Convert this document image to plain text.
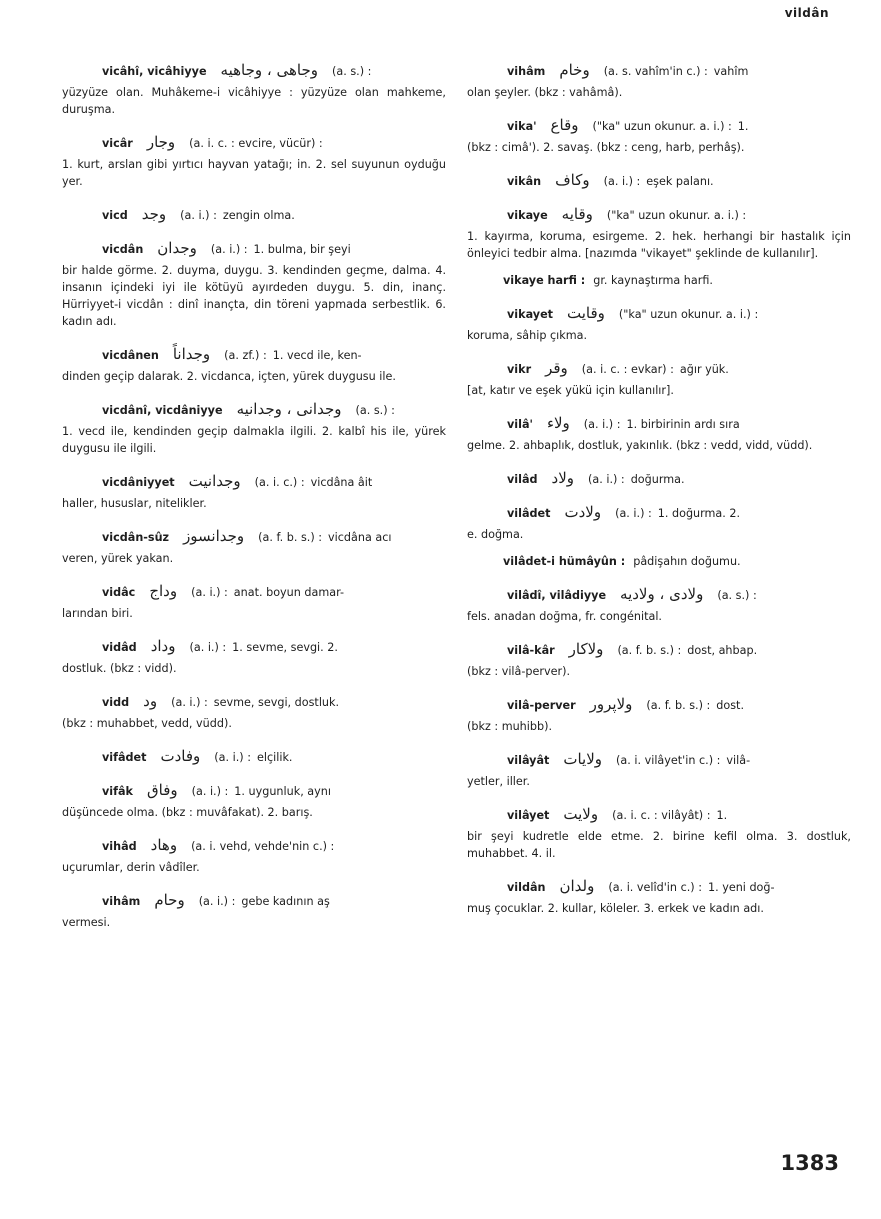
vildân
vicâhî, vicâhiyye وجاهى ، وجاهيه (a. s.) :
yüzyüze olan. Muhâkeme-i vicâhiyye : yüzyüze olan mahkeme, duruşma.
vicâr وجار (a. i. c. : evcire, vücür) :
1. kurt, arslan gibi yırtıcı hayvan yatağı; in. 2. sel suyunun oyduğu yer.
vicd وجد (a. i.) : zengin olma.
vicdân وجدان (a. i.) : 1. bulma, bir şeyi
bir halde görme. 2. duyma, duygu. 3. kendinden geçme, dalma. 4. insanın içindeki iyi ile kötüyü ayırdeden duygu. 5. din, inanç. Hürriyyet-i vicdân : dinî inançta, din töreni yapmada serbestlik. 6. kadın adı.
vicdânen وجداناً (a. zf.) : 1. vecd ile, ken-
dinden geçip dalarak. 2. vicdanca, içten, yürek duygusu ile.
vicdânî, vicdâniyye وجدانى ، وجدانيه (a. s.) :
1. vecd ile, kendinden geçip dalmakla ilgili. 2. kalbî his ile, yürek duygusu ile ilgili.
vicdâniyyet وجدانيت (a. i. c.) : vicdâna âit
haller, hususlar, nitelikler.
vicdân-sûz وجدانسوز (a. f. b. s.) : vicdâna acı
veren, yürek yakan.
vidâc وداج (a. i.) : anat. boyun damar-
larından biri.
vidâd وداد (a. i.) : 1. sevme, sevgi. 2.
dostluk. (bkz : vidd).
vidd ود (a. i.) : sevme, sevgi, dostluk.
(bkz : muhabbet, vedd, vüdd).
vifâdet وفادت (a. i.) : elçilik.
vifâk وفاق (a. i.) : 1. uygunluk, aynı
düşüncede olma. (bkz : muvâfakat). 2. barış.
vihâd وهاد (a. i. vehd, vehde'nin c.) :
uçurumlar, derin vâdîler.
vihâm وحام (a. i.) : gebe kadının aş
vermesi.
vihâm وخام (a. s. vahîm'in c.) : vahîm
olan şeyler. (bkz : vahâmâ).
vika' وقاع ("ka" uzun okunur. a. i.) : 1.
(bkz : cimâ'). 2. savaş. (bkz : ceng, harb, perhâş).
vikân وكاف (a. i.) : eşek palanı.
vikaye وقايه ("ka" uzun okunur. a. i.) :
1. kayırma, koruma, esirgeme. 2. hek. herhangi bir hastalık için önleyici tedbir alma. [nazımda "vikayet" şeklinde de kullanılır].
vikaye harfi : gr. kaynaştırma harfi.
vikayet وقايت ("ka" uzun okunur. a. i.) :
koruma, sâhip çıkma.
vikr وقر (a. i. c. : evkar) : ağır yük.
[at, katır ve eşek yükü için kullanılır].
vilâ' ولاء (a. i.) : 1. birbirinin ardı sıra
gelme. 2. ahbaplık, dostluk, yakınlık. (bkz : vedd, vidd, vüdd).
vilâd ولاد (a. i.) : doğurma.
vilâdet ولادت (a. i.) : 1. doğurma. 2.
e. doğma.
vilâdet-i hümâyûn : pâdişahın doğumu.
vilâdî, vilâdiyye ولادى ، ولاديه (a. s.) :
fels. anadan doğma, fr. congénital.
vilâ-kâr ولاكار (a. f. b. s.) : dost, ahbap.
(bkz : vilâ-perver).
vilâ-perver ولاپرور (a. f. b. s.) : dost.
(bkz : muhibb).
vilâyât ولايات (a. i. vilâyet'in c.) : vilâ-
yetler, iller.
vilâyet ولايت (a. i. c. : vilâyât) : 1.
bir şeyi kudretle elde etme. 2. birine kefil olma. 3. dostluk, muhabbet. 4. il.
vildân ولدان (a. i. velîd'in c.) : 1. yeni doğ-
muş çocuklar. 2. kullar, köleler. 3. erkek ve kadın adı.
1383
